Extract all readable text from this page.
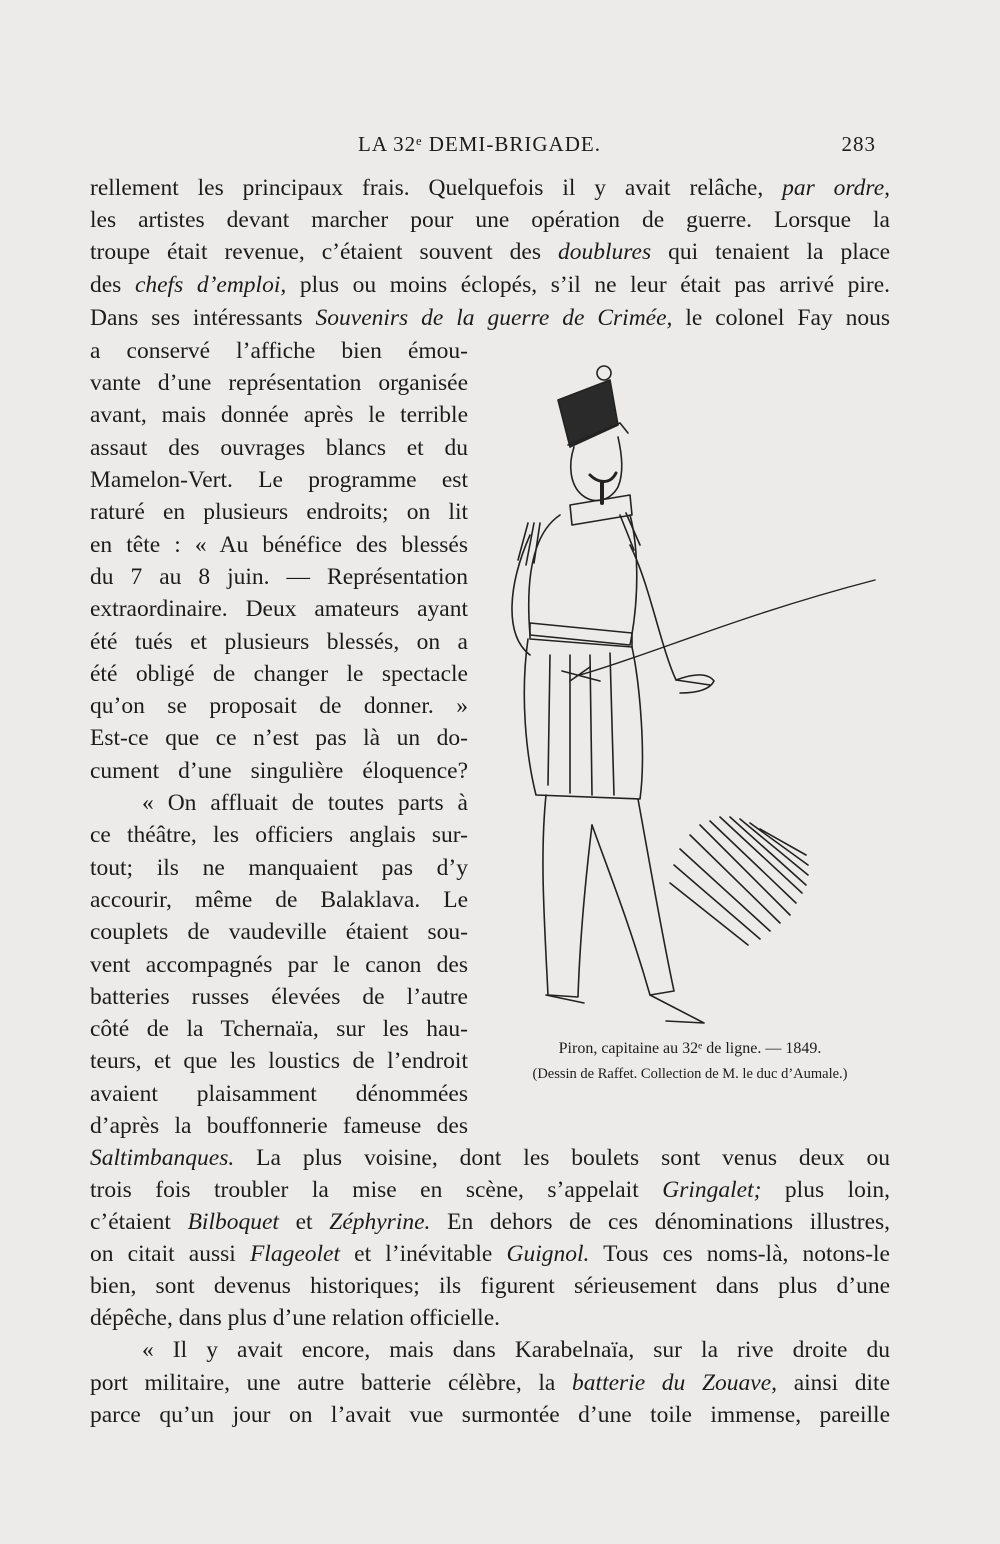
LA 32ᵉ DEMI-BRIGADE.	283
rellement les principaux frais. Quelquefois il y avait relâche, par ordre,
les artistes devant marcher pour une opération de guerre. Lorsque la
troupe était revenue, c’étaient souvent des doublures qui tenaient la place
des chefs d’emploi, plus ou moins éclopés, s’il ne leur était pas arrivé pire.
Dans ses intéressants Souvenirs de la guerre de Crimée, le colonel Fay nous
a conservé l’affiche bien émou-
vante d’une représentation organisée
avant, mais donnée après le terrible
assaut des ouvrages blancs et du
Mamelon-Vert. Le programme est
raturé en plusieurs endroits; on lit
en tête : « Au bénéfice des blessés
du 7 au 8 juin. — Représentation
extraordinaire. Deux amateurs ayant
été tués et plusieurs blessés, on a
été obligé de changer le spectacle
qu’on se proposait de donner. »
Est-ce que ce n’est pas là un do-
cument d’une singulière éloquence?
« On affluait de toutes parts à
ce théâtre, les officiers anglais sur-
tout; ils ne manquaient pas d’y
accourir, même de Balaklava. Le
couplets de vaudeville étaient sou-
vent accompagnés par le canon des
batteries russes élevées de l’autre
côté de la Tchernaïa, sur les hau-
teurs, et que les loustics de l’endroit
avaient plaisamment dénommées
d’après la bouffonnerie fameuse des
Saltimbanques. La plus voisine, dont les boulets sont venus deux ou
trois fois troubler la mise en scène, s’appelait Gringalet; plus loin,
c’étaient Bilboquet et Zéphyrine. En dehors de ces dénominations illustres,
on citait aussi Flageolet et l’inévitable Guignol. Tous ces noms-là, notons-le
bien, sont devenus historiques; ils figurent sérieusement dans plus d’une
dépêche, dans plus d’une relation officielle.
« Il y avait encore, mais dans Karabelnaïa, sur la rive droite du
port militaire, une autre batterie célèbre, la batterie du Zouave, ainsi dite
parce qu’un jour on l’avait vue surmontée d’une toile immense, pareille
Piron, capitaine au 32ᵉ de ligne. — 1849.
(Dessin de Raffet. Collection de M. le duc d’Aumale.)
